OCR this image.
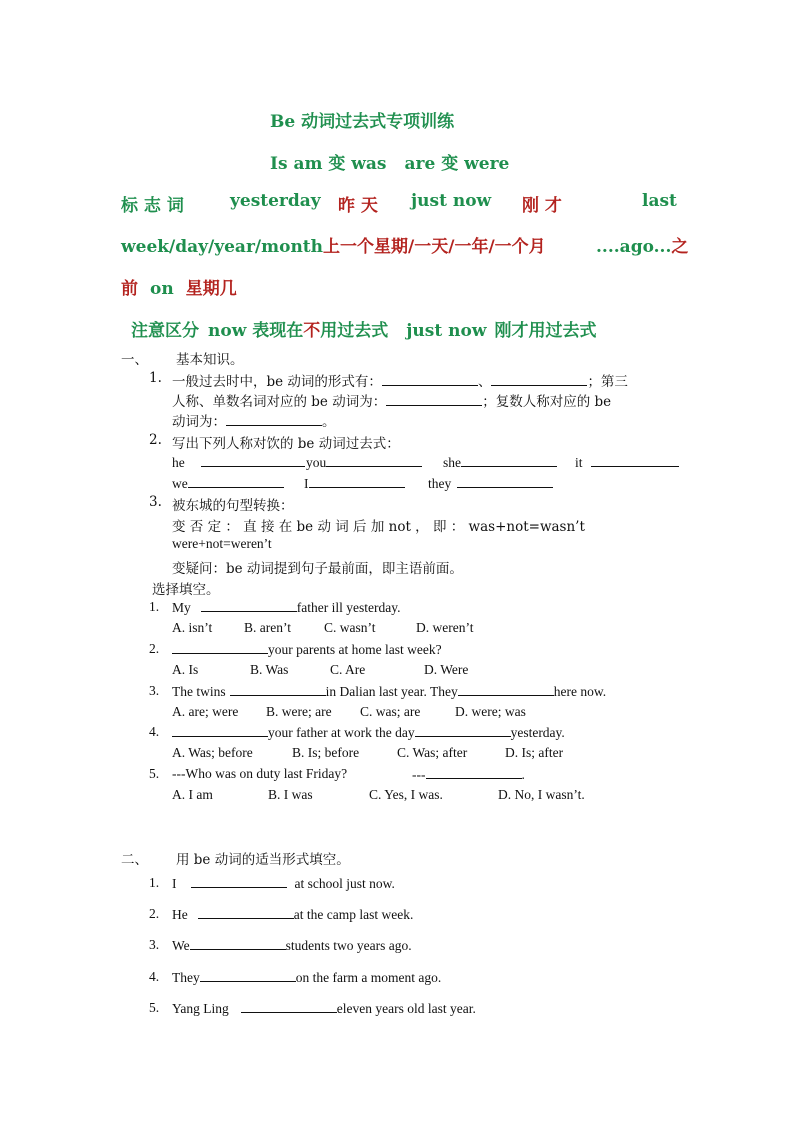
Be 动词过去式专项训练
Is am 变 was are 变 were
标 志 词	yesterday 昨 天 just now 刚 才	last
week/day/year/month上一个星期/一天/一年/一个月	....ago...之
前 on 星期几
注意区分 now 表现在不用过去式 just now 刚才用过去式
一、 基本知识。
1. 一般过去时中，be 动词的形式有：	、	；第三
人称、单数名词对应的 be 动词为：	；复数人称对应的 be
动词为：	。
2. 写出下列人称对饮的 be 动词过去式：
he	you	she	it
we	I	they
3. 被东城的句型转换：
变 否 定 ： 直 接 在 be 动 词 后 加 not ， 即 ： was+not=wasn’t
were+not=weren’t
变疑问：be 动词提到句子最前面，即主语前面。
选择填空。
1. My	father ill yesterday.
A. isn’t B. aren’t C. wasn’t	D. weren’t
2.	your parents at home last week?
A. Is	B. Was	C. Are	D. Were
3. The twins	in Dalian last year. They	here now.
A. are; were B. were; are C. was; are	D. were; was
4.	your father at work the day	yesterday.
A. Was; before	B. Is; before	C. Was; after	D. Is; after
5. ---Who was on duty last Friday?	---	.
A. I am	B. I was	C. Yes, I was.	D. No, I wasn’t.
二、 用 be 动词的适当形式填空。
1. I	at school just now.
2. He	at the camp last week.
3. We	students two years ago.
4. They	on the farm a moment ago.
5. Yang Ling	eleven years old last year.
